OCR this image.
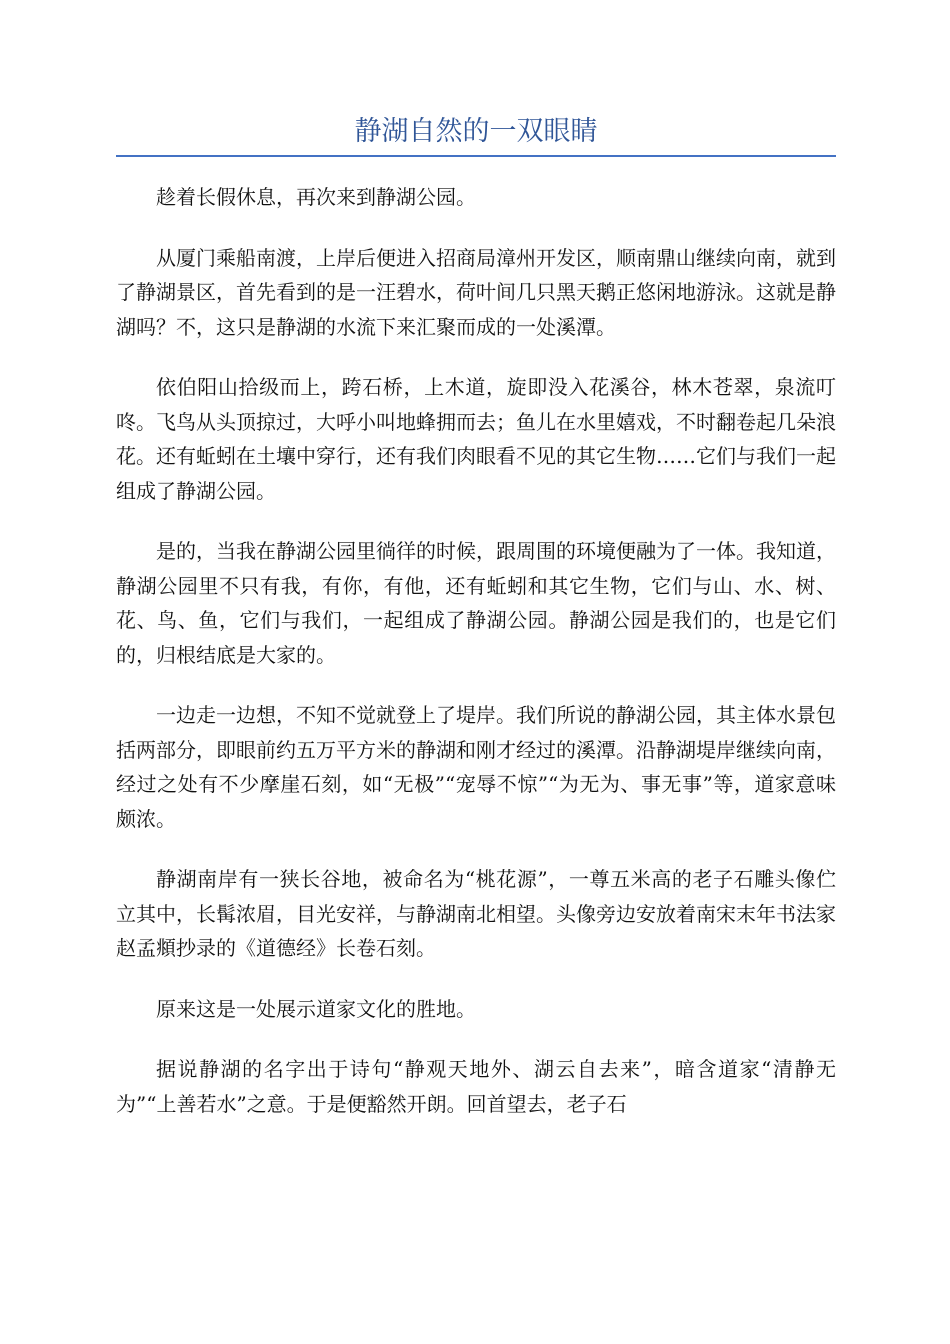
静湖自然的一双眼睛

趁着长假休息，再次来到静湖公园。

从厦门乘船南渡，上岸后便进入招商局漳州开发区，顺南鼎山继续向南，就到了静湖景区，首先看到的是一汪碧水，荷叶间几只黑天鹅正悠闲地游泳。这就是静湖吗？不，这只是静湖的水流下来汇聚而成的一处溪潭。

依伯阳山拾级而上，跨石桥，上木道，旋即没入花溪谷，林木苍翠，泉流叮咚。飞鸟从头顶掠过，大呼小叫地蜂拥而去；鱼儿在水里嬉戏，不时翻卷起几朵浪花。还有蚯蚓在土壤中穿行，还有我们肉眼看不见的其它生物……它们与我们一起组成了静湖公园。

是的，当我在静湖公园里徜徉的时候，跟周围的环境便融为了一体。我知道，静湖公园里不只有我，有你，有他，还有蚯蚓和其它生物，它们与山、水、树、花、鸟、鱼，它们与我们，一起组成了静湖公园。静湖公园是我们的，也是它们的，归根结底是大家的。

一边走一边想，不知不觉就登上了堤岸。我们所说的静湖公园，其主体水景包括两部分，即眼前约五万平方米的静湖和刚才经过的溪潭。沿静湖堤岸继续向南，经过之处有不少摩崖石刻，如“无极”“宠辱不惊”“为无为、事无事”等，道家意味颇浓。

静湖南岸有一狭长谷地，被命名为“桃花源”，一尊五米高的老子石雕头像伫立其中，长髯浓眉，目光安祥，与静湖南北相望。头像旁边安放着南宋末年书法家赵孟頫抄录的《道德经》长卷石刻。

原来这是一处展示道家文化的胜地。

据说静湖的名字出于诗句“静观天地外、湖云自去来”，暗含道家“清静无为”“上善若水”之意。于是便豁然开朗。回首望去，老子石
